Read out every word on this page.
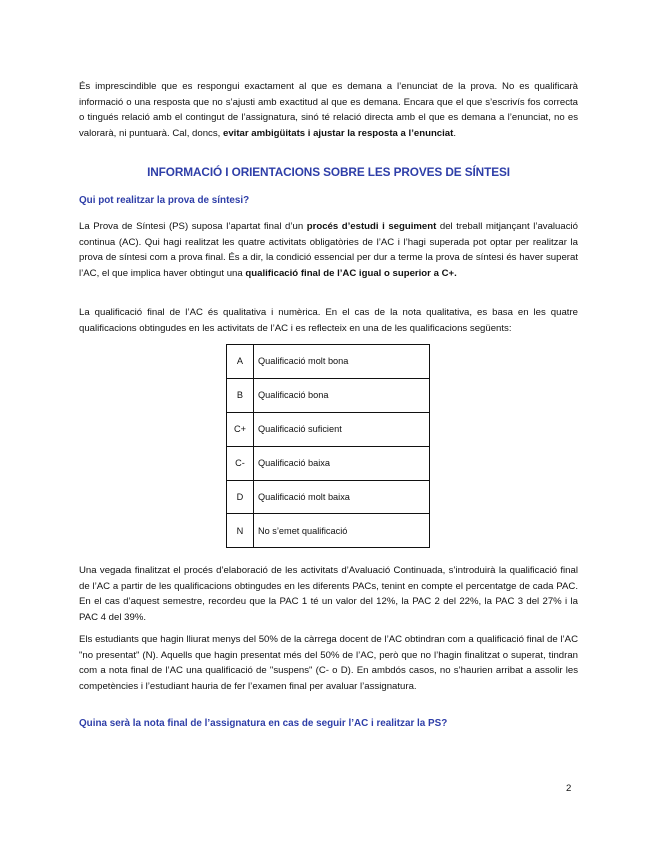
És imprescindible que es respongui exactament al que es demana a l’enunciat de la prova. No es qualificarà informació o una resposta que no s’ajusti amb exactitud al que es demana. Encara que el que s’escrivís fos correcta o tingués relació amb el contingut de l’assignatura, sinó té relació directa amb el que es demana a l’enunciat, no es valorarà, ni puntuarà. Cal, doncs, evitar ambigüitats i ajustar la resposta a l’enunciat.

INFORMACIÓ I ORIENTACIONS SOBRE LES PROVES DE SÍNTESI
Qui pot realitzar la prova de síntesi?

La Prova de Síntesi (PS) suposa l’apartat final d’un procés d’estudi i seguiment del treball mitjançant l’avaluació continua (AC). Qui hagi realitzat les quatre activitats obligatòries de l’AC i l’hagi superada pot optar per realitzar la prova de síntesi com a prova final. És a dir, la condició essencial per dur a terme la prova de síntesi és haver superat l’AC, el que implica haver obtingut una qualificació final de l’AC igual o superior a C+.

La qualificació final de l’AC és qualitativa i numèrica. En el cas de la nota qualitativa, es basa en les quatre qualificacions obtingudes en les activitats de l’AC i es reflecteix en una de les qualificacions següents:

A	Qualificació molt bona
B	Qualificació bona
C+	Qualificació suficient
C-	Qualificació baixa
D	Qualificació molt baixa
N	No s’emet qualificació

Una vegada finalitzat el procés d’elaboració de les activitats d’Avaluació Continuada, s’introduirà la qualificació final de l’AC a partir de les qualificacions obtingudes en les diferents PACs, tenint en compte el percentatge de cada PAC. En el cas d’aquest semestre, recordeu que la PAC 1 té un valor del 12%, la PAC 2 del 22%, la PAC 3 del 27% i la PAC 4 del 39%.

Els estudiants que hagin lliurat menys del 50% de la càrrega docent de l’AC obtindran com a qualificació final de l’AC "no presentat" (N). Aquells que hagin presentat més del 50% de l’AC, però que no l’hagin finalitzat o superat, tindran com a nota final de l’AC una qualificació de "suspens" (C- o D). En ambdós casos, no s’haurien arribat a assolir les competències i l’estudiant hauria de fer l’examen final per avaluar l’assignatura.

Quina serà la nota final de l’assignatura en cas de seguir l’AC i realitzar la PS?
2
